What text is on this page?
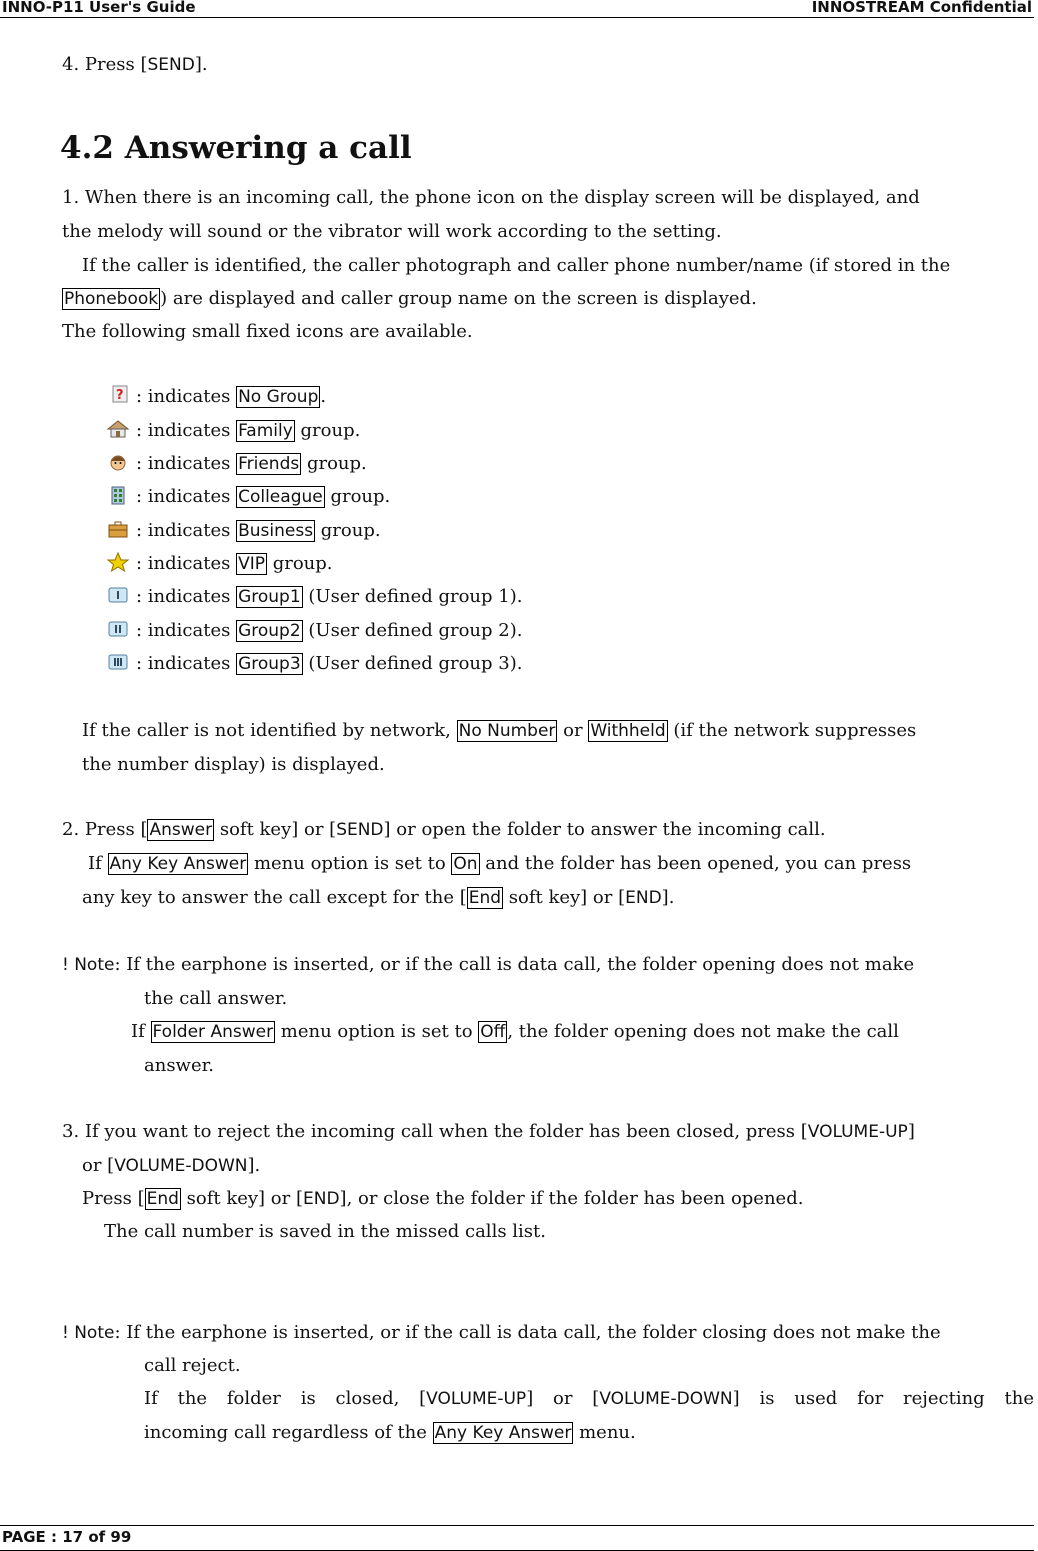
INNO-P11 User's Guide	INNOSTREAM Confidential
4. Press [SEND].
4.2 Answering a call
1. When there is an incoming call, the phone icon on the display screen will be displayed, and
the melody will sound or the vibrator will work according to the setting.
If the caller is identified, the caller photograph and caller phone number/name (if stored in the
Phonebook ) are displayed and caller group name on the screen is displayed.
The following small fixed icons are available.
? : indicates No Group .
: indicates Family group.
: indicates Friends group.
: indicates Colleague group.
: indicates Business group.
: indicates VIP group.
: indicates Group1 (User defined group 1).
: indicates Group2 (User defined group 2).
: indicates Group3 (User defined group 3).
If the caller is not identified by network, No Number or Withheld (if the network suppresses
the number display) is displayed.
2. Press [ Answer soft key] or [SEND] or open the folder to answer the incoming call.
If Any Key Answer menu option is set to On and the folder has been opened, you can press
any key to answer the call except for the [ End soft key] or [END].
! Note: If the earphone is inserted, or if the call is data call, the folder opening does not make
the call answer.
If Folder Answer menu option is set to Off , the folder opening does not make the call
answer.
3. If you want to reject the incoming call when the folder has been closed, press [VOLUME-UP]
or [VOLUME-DOWN].
Press [ End soft key] or [END], or close the folder if the folder has been opened.
The call number is saved in the missed calls list.
! Note: If the earphone is inserted, or if the call is data call, the folder closing does not make the
call reject.
If the folder is closed, [VOLUME-UP] or [VOLUME-DOWN] is used for rejecting the
incoming call regardless of the Any Key Answer menu.
PAGE : 17 of 99
